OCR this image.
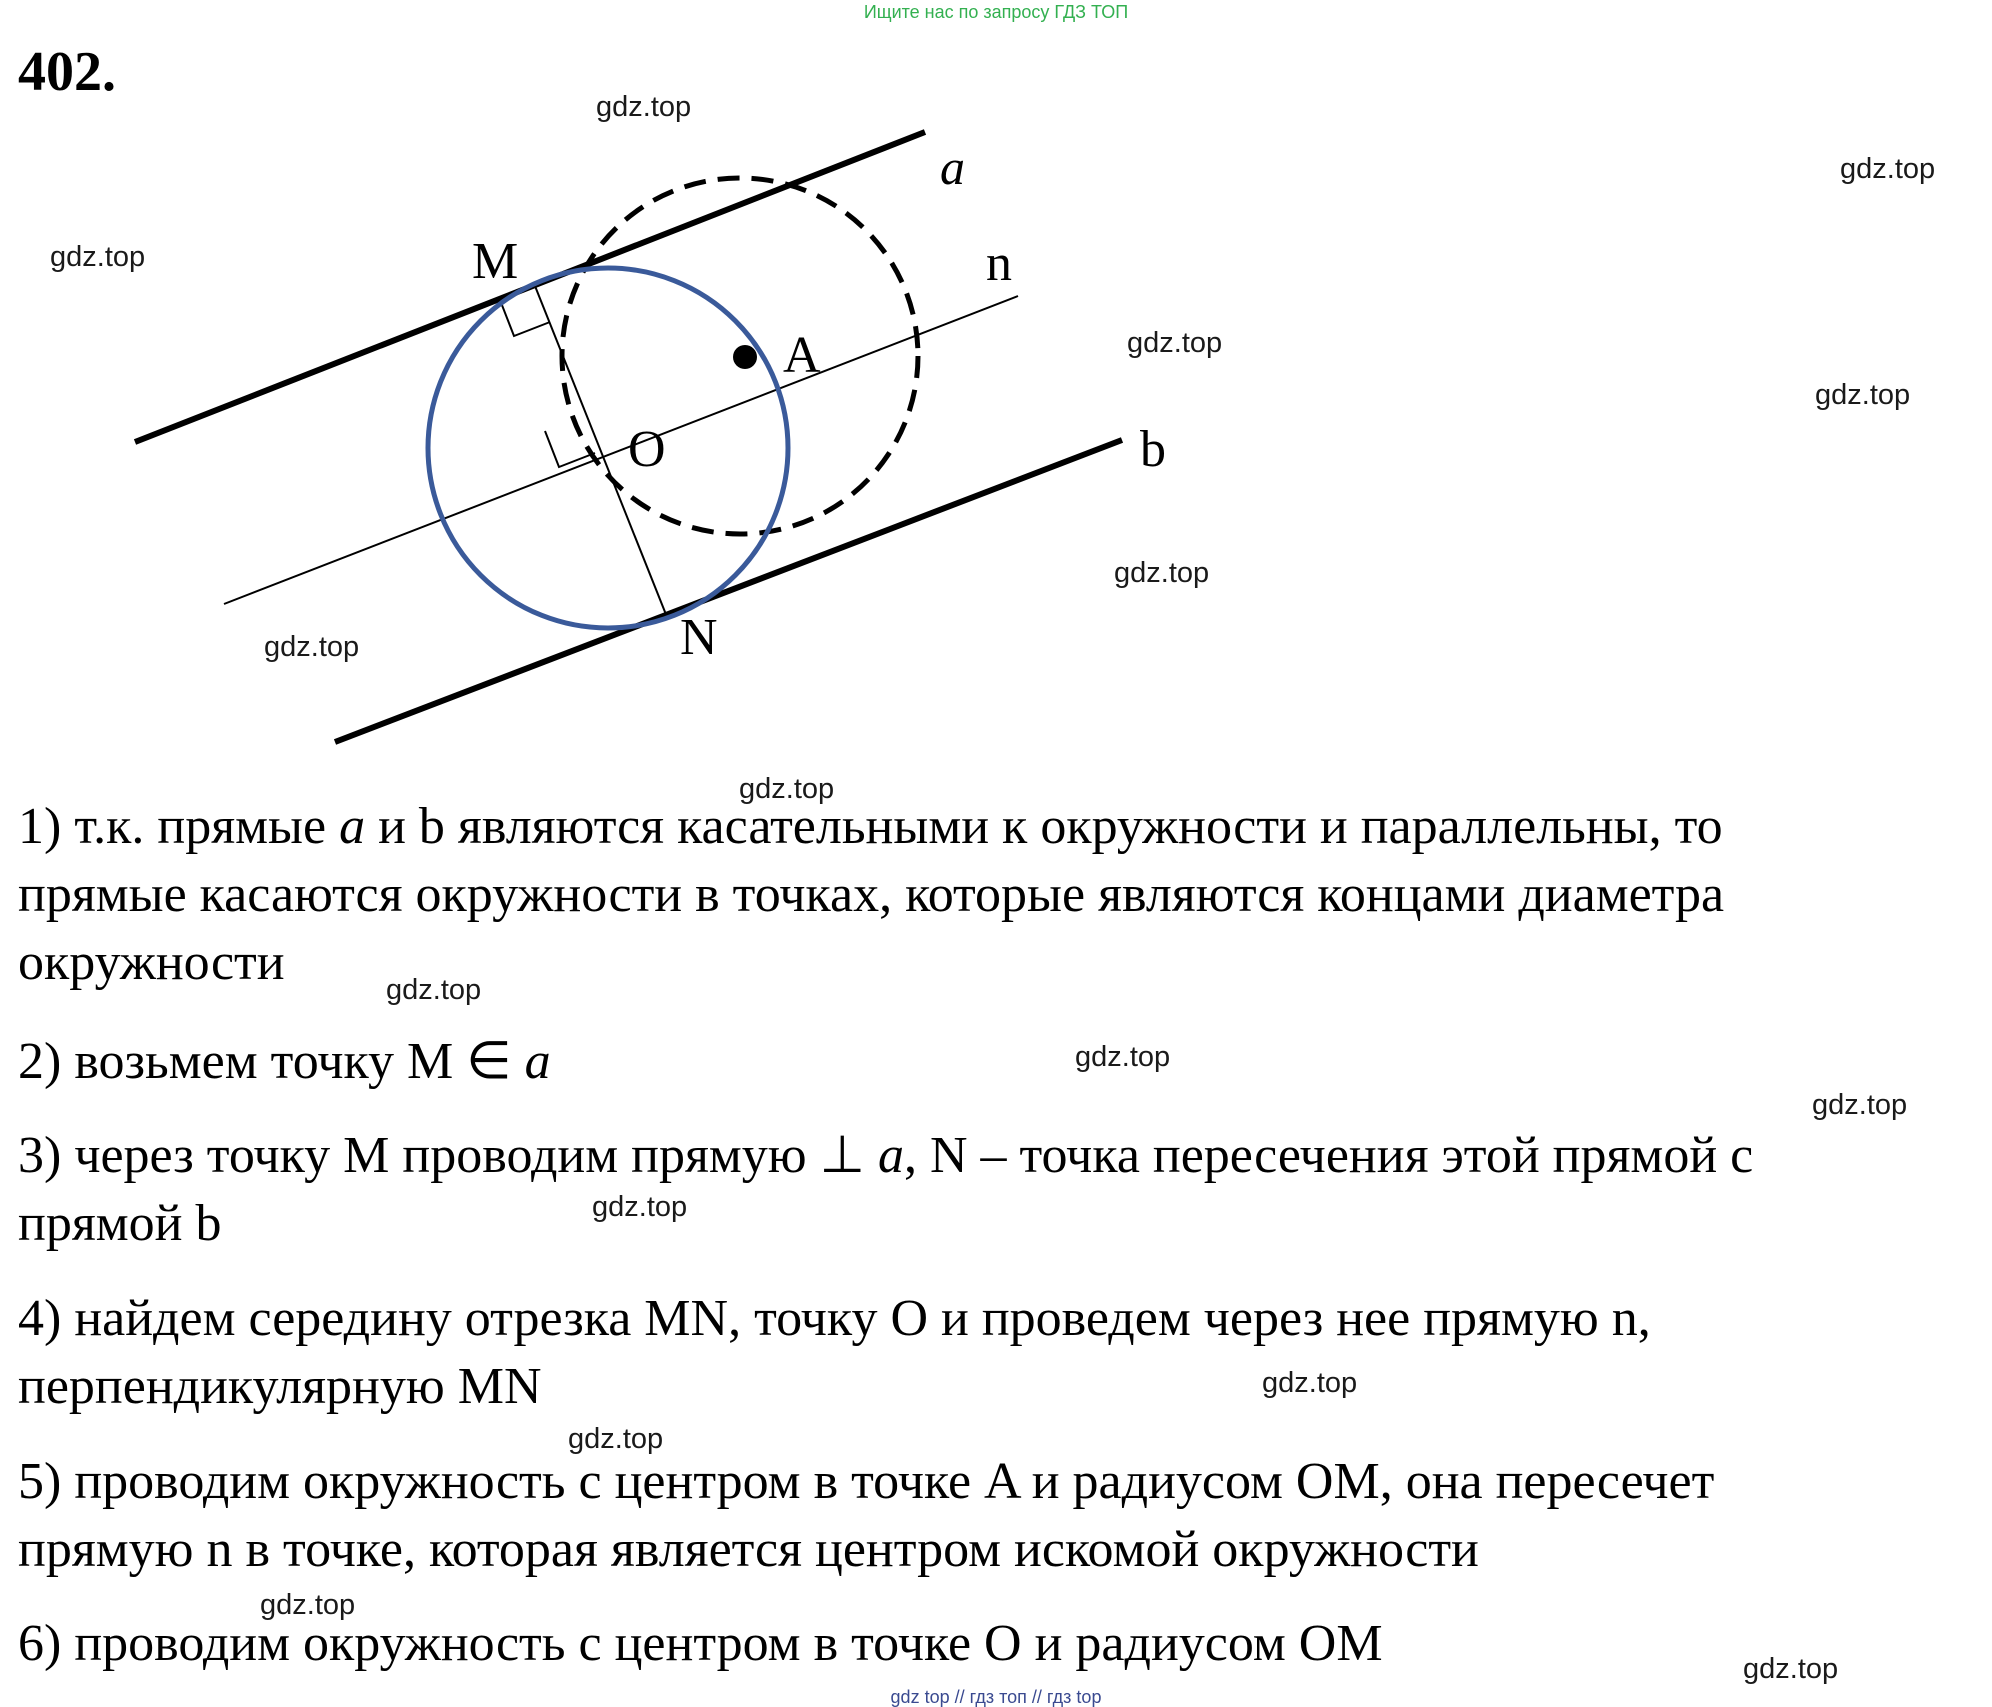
Ищите нас по запросу ГДЗ ТОП
402.
a
n
b
M
A
O
N
gdz.top
gdz.top
gdz.top
gdz.top
gdz.top
gdz.top
gdz.top
gdz.top
gdz.top
gdz.top
gdz.top
gdz.top
gdz.top
gdz.top
gdz.top
gdz.top
1) т.к. прямые a и b являются касательными к окружности и параллельны, то
прямые касаются окружности в точках, которые являются концами диаметра
окружности
2) возьмем точку M ∈ a
3) через точку M проводим прямую ⊥ a, N – точка пересечения этой прямой с
прямой b
4) найдем середину отрезка MN, точку O и проведем через нее прямую n,
перпендикулярную MN
5) проводим окружность с центром в точке A и радиусом OM, она пересечет
прямую n в точке, которая является центром искомой окружности
6) проводим окружность с центром в точке O и радиусом OM
gdz top // гдз топ // гдз top
